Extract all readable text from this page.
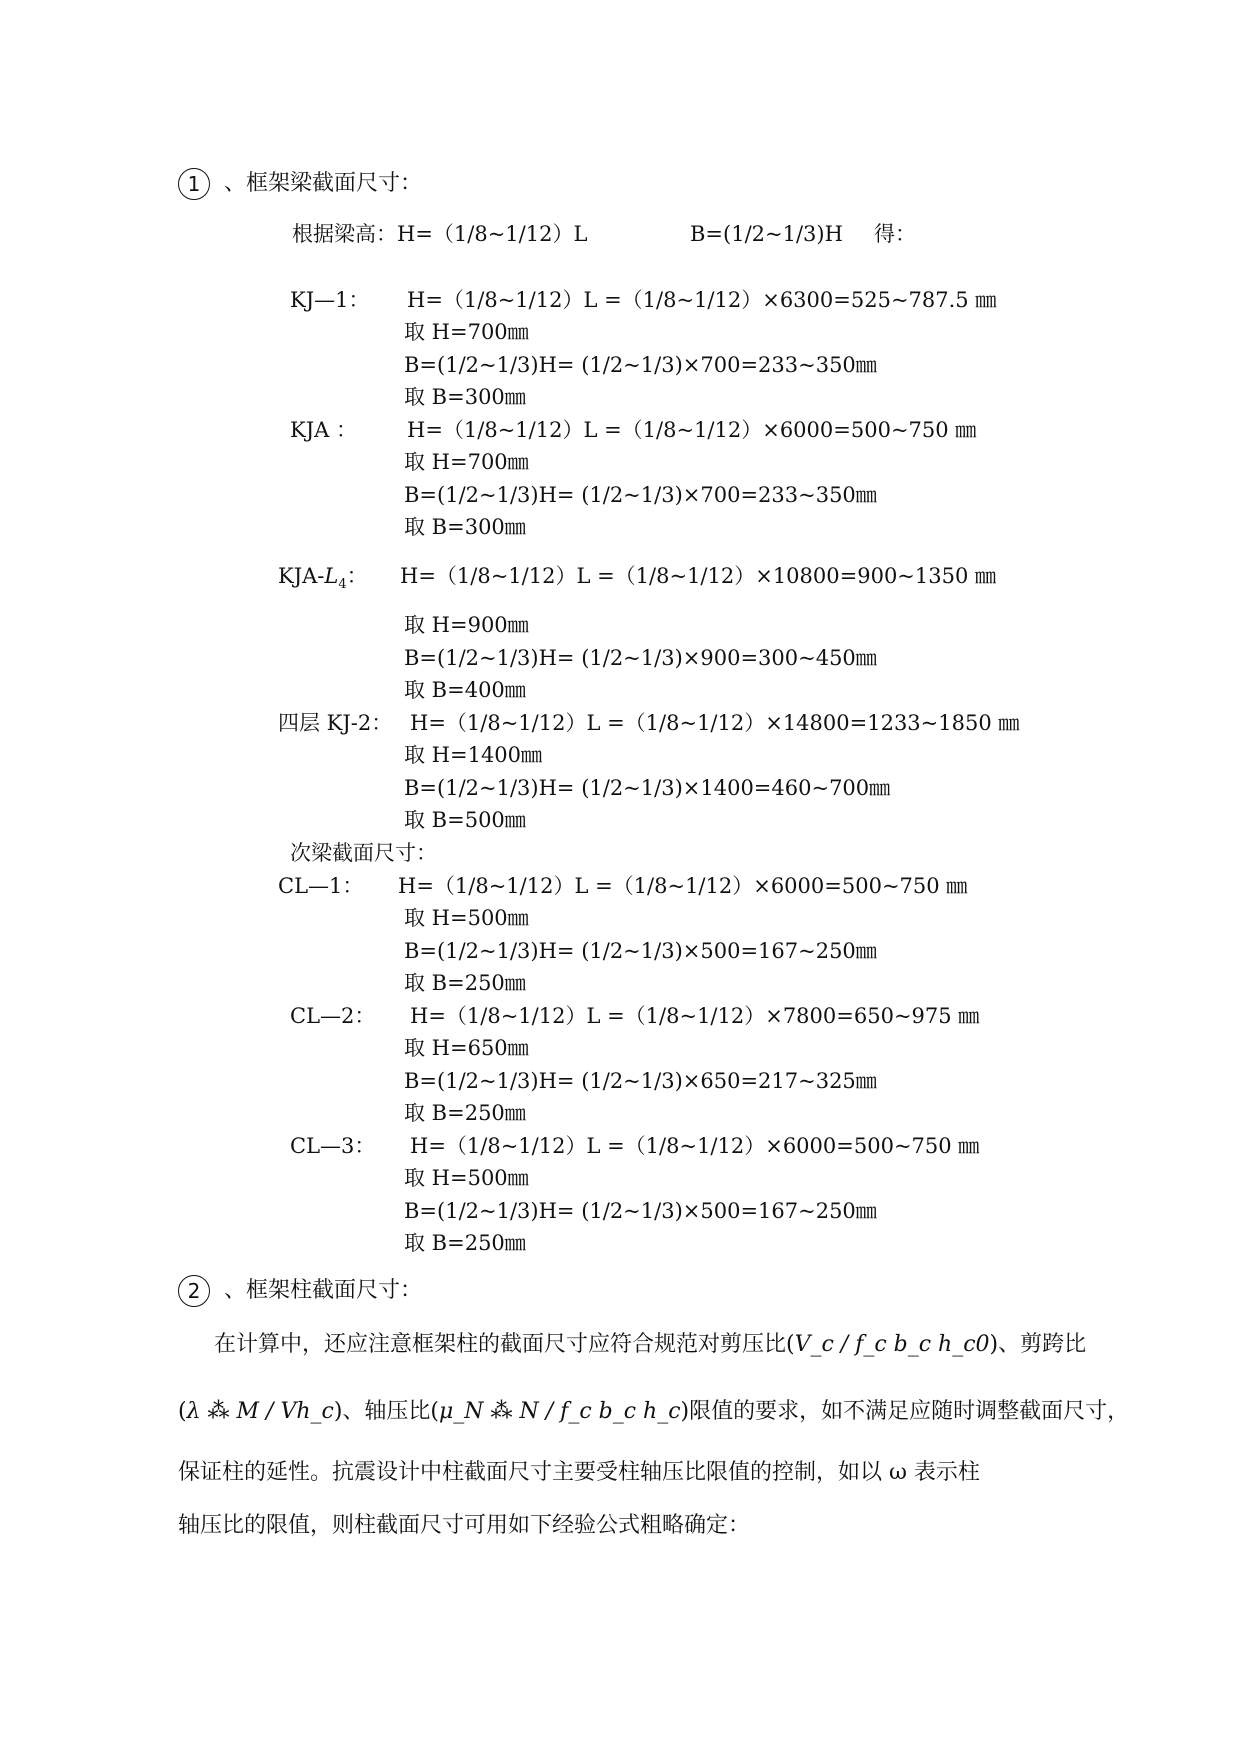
1 、框架梁截面尺寸：
根据梁高：H=（1/8~1/12）L	B=(1/2~1/3)H 得：
KJ—1： H=（1/8~1/12）L =（1/8~1/12）×6300=525~787.5 ㎜
取 H=700㎜
B=(1/2~1/3)H= (1/2~1/3)×700=233~350㎜
取 B=300㎜
KJA ： H=（1/8~1/12）L =（1/8~1/12）×6000=500~750 ㎜
取 H=700㎜
B=(1/2~1/3)H= (1/2~1/3)×700=233~350㎜
取 B=300㎜
KJA-$L_4$： H=（1/8~1/12）L =（1/8~1/12）×10800=900~1350 ㎜
取 H=900㎜
B=(1/2~1/3)H= (1/2~1/3)×900=300~450㎜
取 B=400㎜
四层 KJ-2： H=（1/8~1/12）L =（1/8~1/12）×14800=1233~1850 ㎜
取 H=1400㎜
B=(1/2~1/3)H= (1/2~1/3)×1400=460~700㎜
取 B=500㎜
次梁截面尺寸：
CL—1： H=（1/8~1/12）L =（1/8~1/12）×6000=500~750 ㎜
取 H=500㎜
B=(1/2~1/3)H= (1/2~1/3)×500=167~250㎜
取 B=250㎜
CL—2： H=（1/8~1/12）L =（1/8~1/12）×7800=650~975 ㎜
取 H=650㎜
B=(1/2~1/3)H= (1/2~1/3)×650=217~325㎜
取 B=250㎜
CL—3： H=（1/8~1/12）L =（1/8~1/12）×6000=500~750 ㎜
取 H=500㎜
B=(1/2~1/3)H= (1/2~1/3)×500=167~250㎜
取 B=250㎜
2 、框架柱截面尺寸：
在计算中，还应注意框架柱的截面尺寸应符合规范对剪压比(V_c / f_c b_c h_c0)、剪跨比
(λ ⁂ M / Vh_c)、轴压比(μ_N ⁂ N / f_c b_c h_c)限值的要求，如不满足应随时调整截面尺寸，
保证柱的延性。抗震设计中柱截面尺寸主要受柱轴压比限值的控制，如以 ω 表示柱
轴压比的限值，则柱截面尺寸可用如下经验公式粗略确定：
